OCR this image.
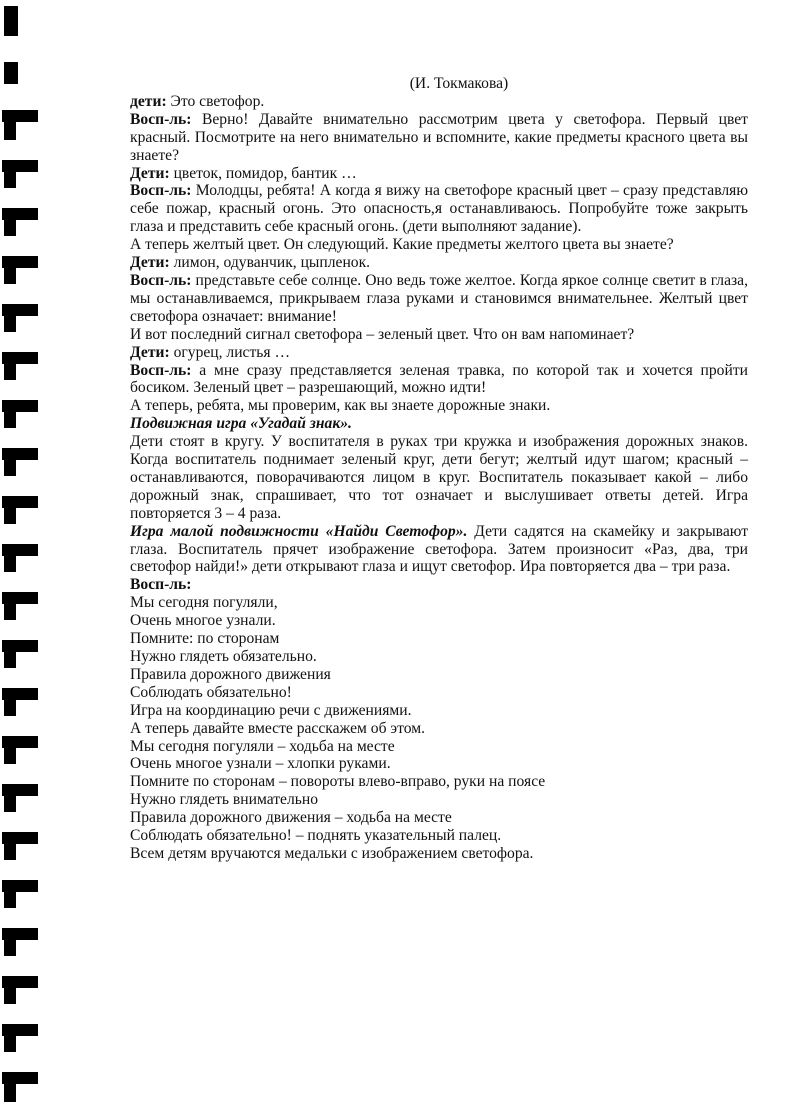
(И. Токмакова)

дети: Это светофор.

Восп-ль: Верно! Давайте внимательно рассмотрим цвета у светофора. Первый цвет красный. Посмотрите на него внимательно и вспомните, какие предметы красного цвета вы знаете?

Дети: цветок, помидор, бантик …

Восп-ль: Молодцы, ребята! А когда я вижу на светофоре красный цвет – сразу представляю себе пожар, красный огонь. Это опасность,я останавливаюсь. Попробуйте тоже закрыть глаза и представить себе красный огонь. (дети выполняют задание).

А теперь желтый цвет. Он следующий. Какие предметы желтого цвета вы знаете?

Дети: лимон, одуванчик, цыпленок.

Восп-ль: представьте себе солнце. Оно ведь тоже желтое. Когда яркое солнце светит в глаза, мы останавливаемся, прикрываем глаза руками и становимся внимательнее. Желтый цвет светофора означает: внимание!

И вот последний сигнал светофора – зеленый цвет. Что он вам напоминает?

Дети: огурец, листья …

Восп-ль: а мне сразу представляется зеленая травка, по которой так и хочется пройти босиком. Зеленый цвет – разрешающий, можно идти!

А теперь, ребята, мы проверим, как вы знаете дорожные знаки.

Подвижная игра «Угадай знак».
Дети стоят в кругу. У воспитателя в руках три кружка и изображения дорожных знаков. Когда воспитатель поднимает зеленый круг, дети бегут; желтый идут шагом; красный – останавливаются, поворачиваются лицом в круг. Воспитатель показывает какой – либо дорожный знак, спрашивает, что тот означает и выслушивает ответы детей. Игра повторяется 3 – 4 раза.

Игра малой подвижности «Найди Светофор». Дети садятся на скамейку и закрывают глаза. Воспитатель прячет изображение светофора. Затем произносит «Раз, два, три светофор найди!» дети открывают глаза и ищут светофор. Ира повторяется два – три раза.

Восп-ль:

Мы сегодня погуляли,
Очень многое узнали.
Помните: по сторонам
Нужно глядеть обязательно.
Правила дорожного движения
Соблюдать обязательно!
Игра на координацию речи с движениями.
А теперь давайте вместе расскажем об этом.
Мы сегодня погуляли – ходьба на месте
Очень многое узнали – хлопки руками.
Помните по сторонам – повороты влево-вправо, руки на поясе
Нужно глядеть внимательно
Правила дорожного движения – ходьба на месте
Соблюдать обязательно! – поднять указательный палец.
Всем детям вручаются медальки с изображением светофора.
